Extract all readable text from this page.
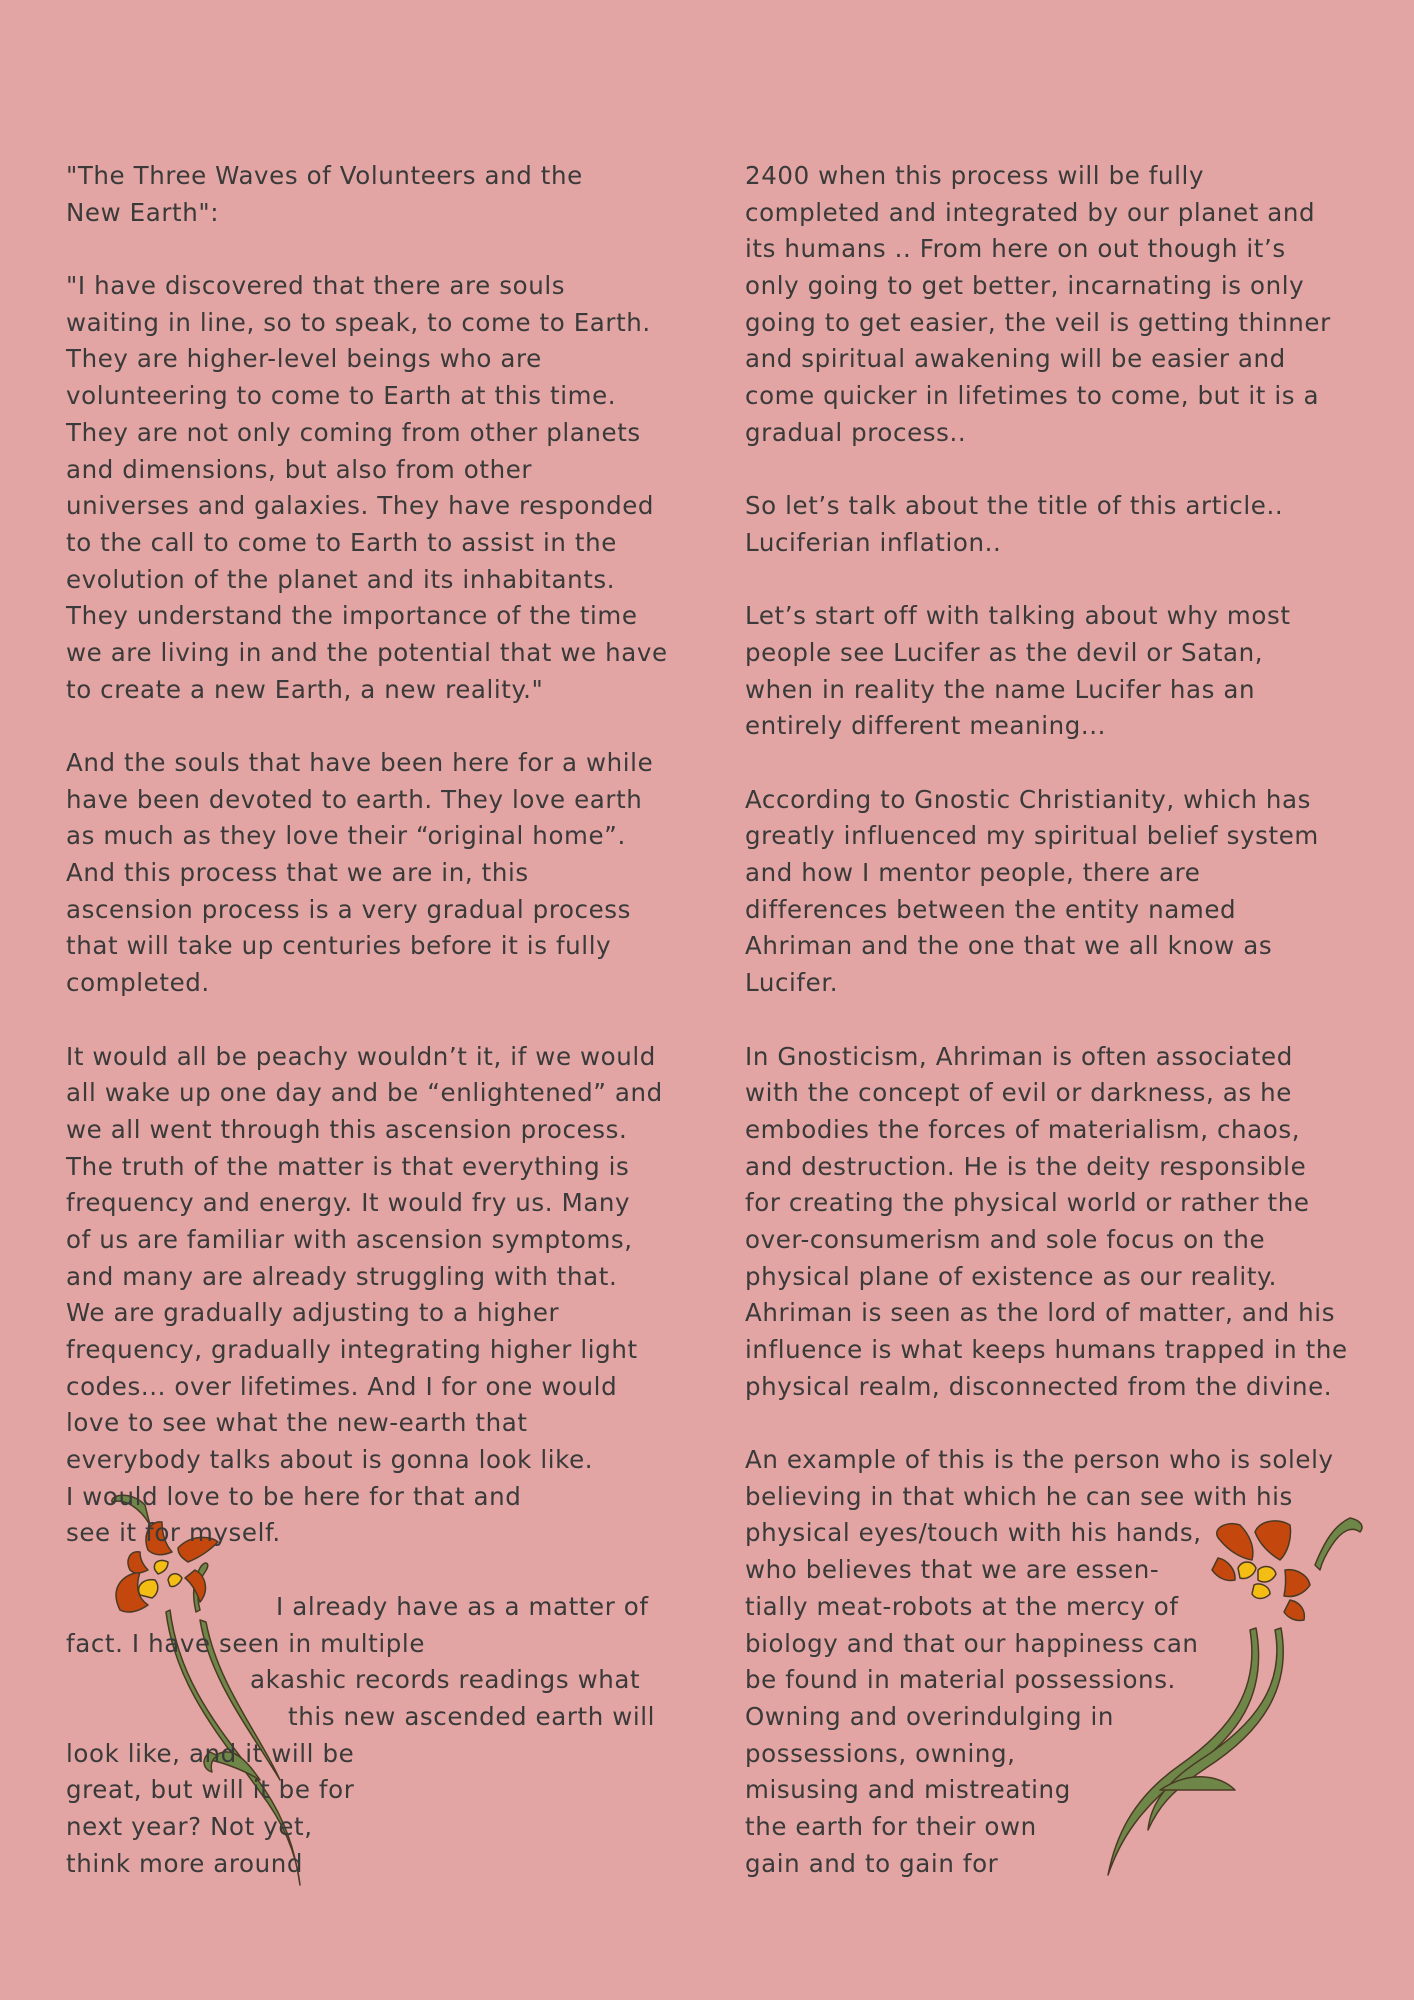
"The Three Waves of Volunteers and the
New Earth":
"I have discovered that there are souls
waiting in line, so to speak, to come to Earth.
They are higher-level beings who are
volunteering to come to Earth at this time.
They are not only coming from other planets
and dimensions, but also from other
universes and galaxies. They have responded
to the call to come to Earth to assist in the
evolution of the planet and its inhabitants.
They understand the importance of the time
we are living in and the potential that we have
to create a new Earth, a new reality."
And the souls that have been here for a while
have been devoted to earth. They love earth
as much as they love their “original home”.
And this process that we are in, this
ascension process is a very gradual process
that will take up centuries before it is fully
completed.
It would all be peachy wouldn’t it, if we would
all wake up one day and be “enlightened” and
we all went through this ascension process.
The truth of the matter is that everything is
frequency and energy. It would fry us. Many
of us are familiar with ascension symptoms,
and many are already struggling with that.
We are gradually adjusting to a higher
frequency, gradually integrating higher light
codes... over lifetimes. And I for one would
love to see what the new-earth that
everybody talks about is gonna look like.
I would love to be here for that and
see it for myself.
I already have as a matter of
fact. I have seen in multiple
akashic records readings what
this new ascended earth will
look like, and it will be
great, but will it be for
next year? Not yet,
think more around
2400 when this process will be fully
completed and integrated by our planet and
its humans .. From here on out though it’s
only going to get better, incarnating is only
going to get easier, the veil is getting thinner
and spiritual awakening will be easier and
come quicker in lifetimes to come, but it is a
gradual process..
So let’s talk about the title of this article..
Luciferian inflation..
Let’s start off with talking about why most
people see Lucifer as the devil or Satan,
when in reality the name Lucifer has an
entirely different meaning...
According to Gnostic Christianity, which has
greatly influenced my spiritual belief system
and how I mentor people, there are
differences between the entity named
Ahriman and the one that we all know as
Lucifer.
In Gnosticism, Ahriman is often associated
with the concept of evil or darkness, as he
embodies the forces of materialism, chaos,
and destruction. He is the deity responsible
for creating the physical world or rather the
over-consumerism and sole focus on the
physical plane of existence as our reality.
Ahriman is seen as the lord of matter, and his
influence is what keeps humans trapped in the
physical realm, disconnected from the divine.
An example of this is the person who is solely
believing in that which he can see with his
physical eyes/touch with his hands,
who believes that we are essen-
tially meat-robots at the mercy of
biology and that our happiness can
be found in material possessions.
Owning and overindulging in
possessions, owning,
misusing and mistreating
the earth for their own
gain and to gain for
